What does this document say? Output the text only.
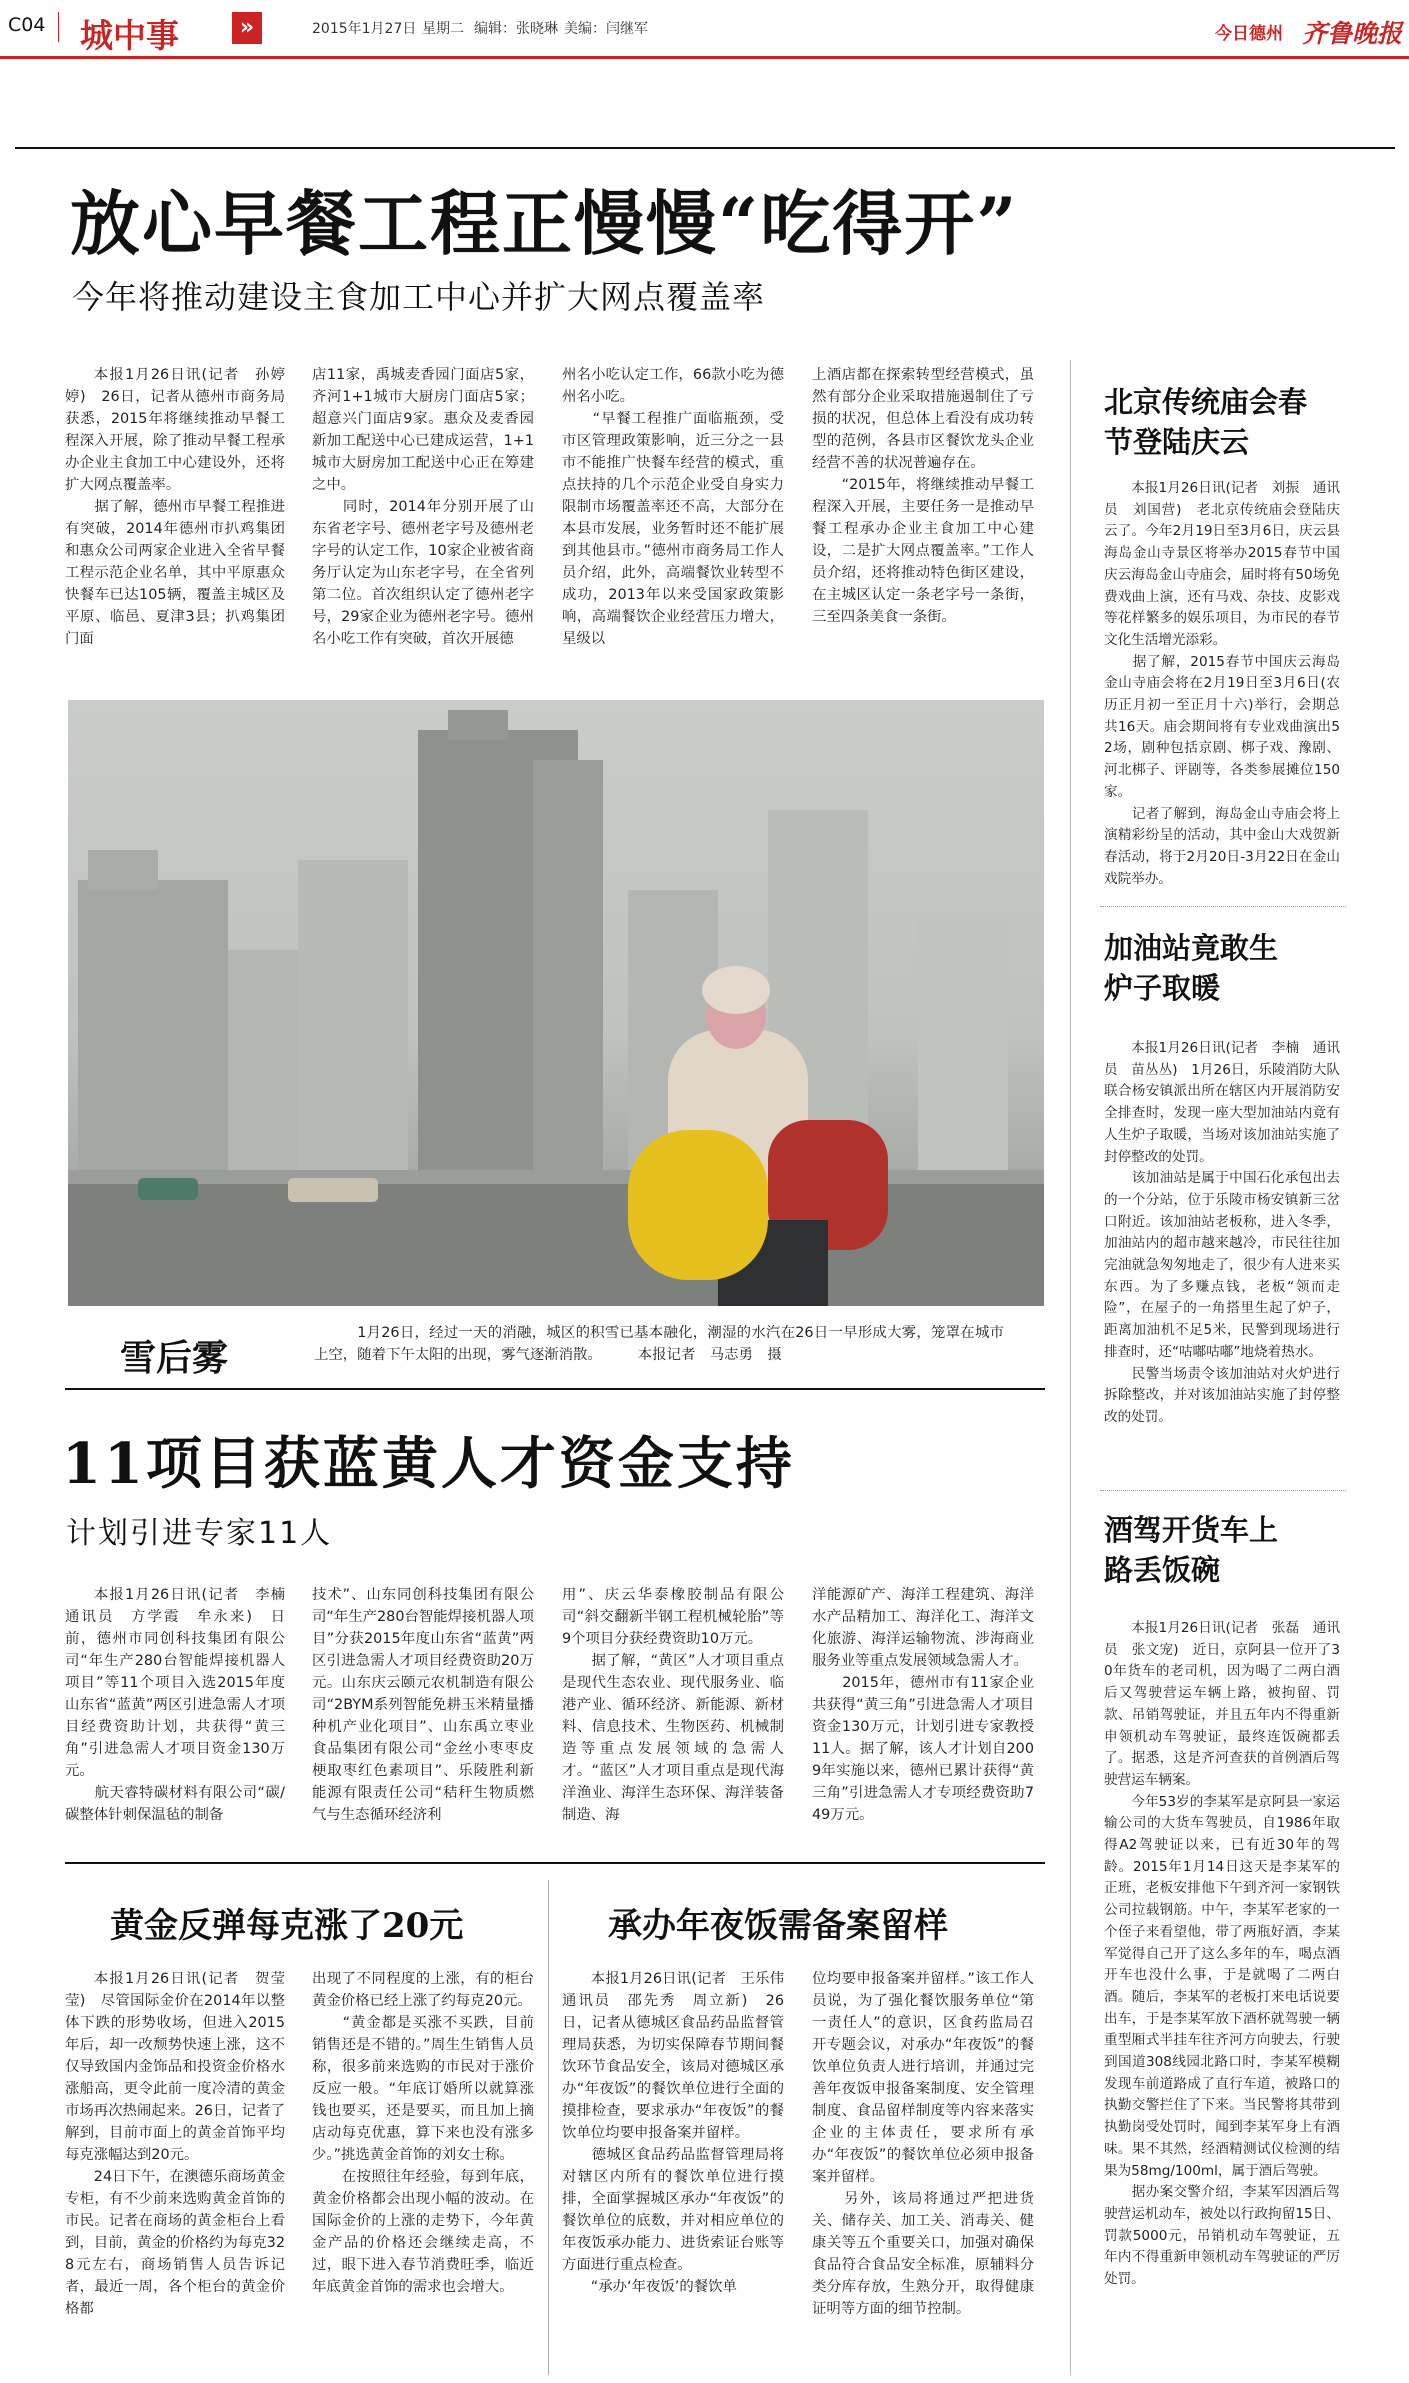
C04 城中事	»	2015年1月27日 星期二 编辑：张晓琳 美编：闫继军	今日德州 齐鲁晚报
放心早餐工程正慢慢“吃得开”
今年将推动建设主食加工中心并扩大网点覆盖率
本报1月26日讯(记者　孙婷婷)　26日，记者从德州市商务局获悉，2015年将继续推动早餐工程深入开展，除了推动早餐工程承办企业主食加工中心建设外，还将扩大网点覆盖率。
　　据了解，德州市早餐工程推进有突破，2014年德州市扒鸡集团和惠众公司两家企业进入全省早餐工程示范企业名单，其中平原惠众快餐车已达105辆，覆盖主城区及平原、临邑、夏津3县；扒鸡集团门面
店11家，禹城麦香园门面店5家，齐河1+1城市大厨房门面店5家；超意兴门面店9家。惠众及麦香园新加工配送中心已建成运营，1+1城市大厨房加工配送中心正在筹建之中。
　　同时，2014年分别开展了山东省老字号、德州老字号及德州老字号的认定工作，10家企业被省商务厅认定为山东老字号，在全省列第二位。首次组织认定了德州老字号，29家企业为德州老字号。德州名小吃工作有突破，首次开展德
州名小吃认定工作，66款小吃为德州名小吃。
　　“早餐工程推广面临瓶颈，受市区管理政策影响，近三分之一县市不能推广快餐车经营的模式，重点扶持的几个示范企业受自身实力限制市场覆盖率还不高，大部分在本县市发展，业务暂时还不能扩展到其他县市。”德州市商务局工作人员介绍，此外，高端餐饮业转型不成功，2013年以来受国家政策影响，高端餐饮企业经营压力增大，星级以
上酒店都在探索转型经营模式，虽然有部分企业采取措施遏制住了亏损的状况，但总体上看没有成功转型的范例，各县市区餐饮龙头企业经营不善的状况普遍存在。
　　“2015年，将继续推动早餐工程深入开展，主要任务一是推动早餐工程承办企业主食加工中心建设，二是扩大网点覆盖率。”工作人员介绍，还将推动特色街区建设，在主城区认定一条老字号一条街，三至四条美食一条街。
雪后雾
1月26日，经过一天的消融，城区的积雪已基本融化，潮湿的水汽在26日一早形成大雾，笼罩在城市上空，随着下午太阳的出现，雾气逐渐消散。　　　本报记者　马志勇　摄
11项目获蓝黄人才资金支持
计划引进专家11人
本报1月26日讯(记者　李楠　通讯员　方学霞　牟永来)　日前，德州市同创科技集团有限公司“年生产280台智能焊接机器人项目”等11个项目入选2015年度山东省“蓝黄”两区引进急需人才项目经费资助计划，共获得“黄三角”引进急需人才项目资金130万元。
　　航天睿特碳材料有限公司“碳/碳整体针刺保温毡的制备
技术”、山东同创科技集团有限公司“年生产280台智能焊接机器人项目”分获2015年度山东省“蓝黄”两区引进急需人才项目经费资助20万元。山东庆云颐元农机制造有限公司“2BYM系列智能免耕玉米精量播种机产业化项目”、山东禹立枣业食品集团有限公司“金丝小枣枣皮梗取枣红色素项目”、乐陵胜利新能源有限责任公司“秸秆生物质燃气与生态循环经济利
用”、庆云华泰橡胶制品有限公司“斜交翻新半钢工程机械轮胎”等9个项目分获经费资助10万元。
　　据了解，“黄区”人才项目重点是现代生态农业、现代服务业、临港产业、循环经济、新能源、新材料、信息技术、生物医药、机械制造等重点发展领域的急需人才。“蓝区”人才项目重点是现代海洋渔业、海洋生态环保、海洋装备制造、海
洋能源矿产、海洋工程建筑、海洋水产品精加工、海洋化工、海洋文化旅游、海洋运输物流、涉海商业服务业等重点发展领域急需人才。
　　2015年，德州市有11家企业共获得“黄三角”引进急需人才项目资金130万元，计划引进专家教授11人。据了解，该人才计划自2009年实施以来，德州已累计获得“黄三角”引进急需人才专项经费资助749万元。
黄金反弹每克涨了20元
本报1月26日讯(记者　贺莹莹)　尽管国际金价在2014年以整体下跌的形势收场，但进入2015年后，却一改颓势快速上涨，这不仅导致国内金饰品和投资金价格水涨船高，更令此前一度冷清的黄金市场再次热闹起来。26日，记者了解到，目前市面上的黄金首饰平均每克涨幅达到20元。
　　24日下午，在澳德乐商场黄金专柜，有不少前来选购黄金首饰的市民。记者在商场的黄金柜台上看到，目前，黄金的价格约为每克328元左右，商场销售人员告诉记者，最近一周，各个柜台的黄金价格都
出现了不同程度的上涨，有的柜台黄金价格已经上涨了约每克20元。
　　“黄金都是买涨不买跌，目前销售还是不错的。”周生生销售人员称，很多前来选购的市民对于涨价反应一般。“年底订婚所以就算涨钱也要买，还是要买，而且加上摘店动每克优惠，算下来也没有涨多少。”挑选黄金首饰的刘女士称。
　　在按照往年经验，每到年底，黄金价格都会出现小幅的波动。在国际金价的上涨的走势下，今年黄金产品的价格还会继续走高，不过，眼下进入春节消费旺季，临近年底黄金首饰的需求也会增大。
承办年夜饭需备案留样
本报1月26日讯(记者　王乐伟　通讯员　邵先秀　周立新)　26日，记者从德城区食品药品监督管理局获悉，为切实保障春节期间餐饮环节食品安全，该局对德城区承办“年夜饭”的餐饮单位进行全面的摸排检查，要求承办“年夜饭”的餐饮单位均要申报备案并留样。
　　德城区食品药品监督管理局将对辖区内所有的餐饮单位进行摸排，全面掌握城区承办“年夜饭”的餐饮单位的底数，并对相应单位的年夜饭承办能力、进货索证台账等方面进行重点检查。
　　“承办‘年夜饭’的餐饮单
位均要申报备案并留样。”该工作人员说，为了强化餐饮服务单位“第一责任人”的意识，区食药监局召开专题会议，对承办“年夜饭”的餐饮单位负责人进行培训，并通过完善年夜饭申报备案制度、安全管理制度、食品留样制度等内容来落实企业的主体责任，要求所有承办“年夜饭”的餐饮单位必须申报备案并留样。
　　另外，该局将通过严把进货关、储存关、加工关、消毒关、健康关等五个重要关口，加强对确保食品符合食品安全标准，原辅料分类分库存放，生熟分开，取得健康证明等方面的细节控制。
北京传统庙会春节登陆庆云
本报1月26日讯(记者　刘振　通讯员　刘国营)　老北京传统庙会登陆庆云了。今年2月19日至3月6日，庆云县海岛金山寺景区将举办2015春节中国庆云海岛金山寺庙会，届时将有50场免费戏曲上演，还有马戏、杂技、皮影戏等花样繁多的娱乐项目，为市民的春节文化生活增光添彩。
　　据了解，2015春节中国庆云海岛金山寺庙会将在2月19日至3月6日(农历正月初一至正月十六)举行，会期总共16天。庙会期间将有专业戏曲演出52场，剧种包括京剧、梆子戏、豫剧、河北梆子、评剧等，各类参展摊位150家。
　　记者了解到，海岛金山寺庙会将上演精彩纷呈的活动，其中金山大戏贺新春活动，将于2月20日-3月22日在金山戏院举办。
加油站竟敢生炉子取暖
本报1月26日讯(记者　李楠　通讯员　苗丛丛)　1月26日，乐陵消防大队联合杨安镇派出所在辖区内开展消防安全排查时，发现一座大型加油站内竟有人生炉子取暖，当场对该加油站实施了封停整改的处罚。
　　该加油站是属于中国石化承包出去的一个分站，位于乐陵市杨安镇新三岔口附近。该加油站老板称，进入冬季，加油站内的超市越来越冷，市民往往加完油就急匆匆地走了，很少有人进来买东西。为了多赚点钱，老板“领而走险”，在屋子的一角搭里生起了炉子，距离加油机不足5米，民警到现场进行排查时，还“咕嘟咕嘟”地烧着热水。
　　民警当场责令该加油站对火炉进行拆除整改，并对该加油站实施了封停整改的处罚。
酒驾开货车上路丢饭碗
本报1月26日讯(记者　张磊　通讯员　张文宠)　近日，京阿县一位开了30年货车的老司机，因为喝了二两白酒后又驾驶营运车辆上路，被拘留、罚款、吊销驾驶证，并且五年内不得重新申领机动车驾驶证，最终连饭碗都丢了。据悉，这是齐河查获的首例酒后驾驶营运车辆案。
　　今年53岁的李某军是京阿县一家运输公司的大货车驾驶员，自1986年取得A2驾驶证以来，已有近30年的驾龄。2015年1月14日这天是李某军的正班，老板安排他下午到齐河一家钢铁公司拉载钢筋。中午，李某军老家的一个侄子来看望他，带了两瓶好酒，李某军觉得自己开了这么多年的车，喝点酒开车也没什么事，于是就喝了二两白酒。随后，李某军的老板打来电话说要出车，于是李某军放下酒杯就驾驶一辆重型厢式半挂车往齐河方向驶去，行驶到国道308线园北路口时，李某军模糊发现车前道路成了直行车道，被路口的执勤交警拦住了下来。当民警将其带到执勤岗受处罚时，闻到李某军身上有酒味。果不其然，经酒精测试仪检测的结果为58mg/100ml，属于酒后驾驶。
　　据办案交警介绍，李某军因酒后驾驶营运机动车，被处以行政拘留15日、罚款5000元，吊销机动车驾驶证，五年内不得重新申领机动车驾驶证的严厉处罚。
